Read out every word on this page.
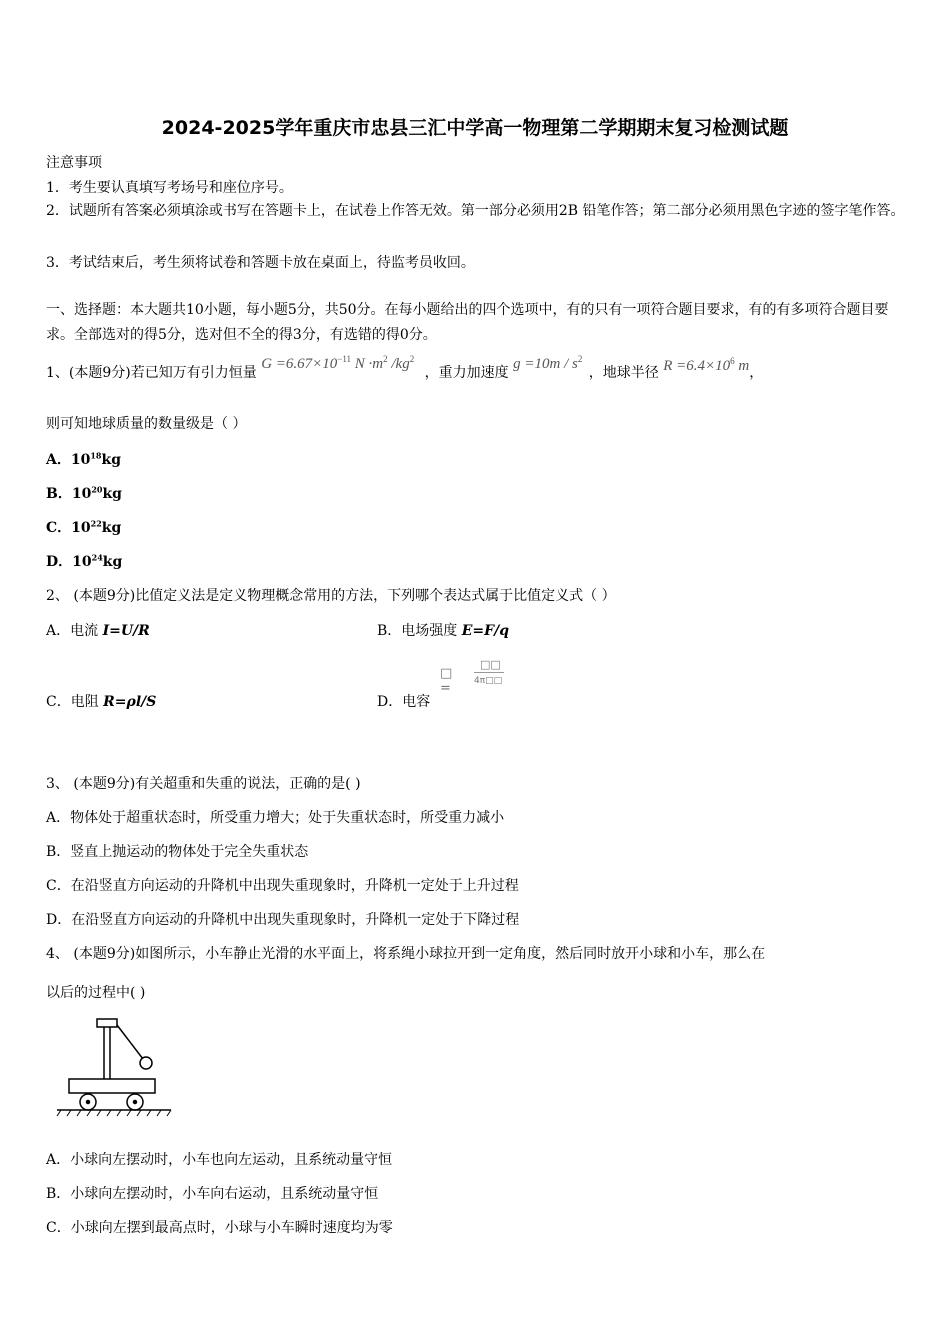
2024-2025学年重庆市忠县三汇中学高一物理第二学期期末复习检测试题
注意事项
1．考生要认真填写考场号和座位序号。
2．试题所有答案必须填涂或书写在答题卡上，在试卷上作答无效。第一部分必须用2B 铅笔作答；第二部分必须用黑色字迹的签字笔作答。
3．考试结束后，考生须将试卷和答题卡放在桌面上，待监考员收回。
一、选择题：本大题共10小题，每小题5分，共50分。在每小题给出的四个选项中，有的只有一项符合题目要求，有的有多项符合题目要求。全部选对的得5分，选对但不全的得3分，有选错的得0分。
1、(本题9分)若已知万有引力恒量 $G =6.67\times 10^{-11}$ $N \cdot m^2$ $/kg^2$ ，重力加速度 $g =10m / s^2$ ，地球半径 $R =6.4\times 10^6$ m，
则可知地球质量的数量级是（ ）
A．$10^{18}kg$
B．$10^{20}kg$
C．$10^{22}kg$
D．$10^{24}kg$
2、 (本题9分)比值定义法是定义物理概念常用的方法，下列哪个表达式属于比值定义式（ ）
A．电流 I=U/R	B．电场强度 E=F/q
□ =
□□
4π□□
C．电阻 R=ρl/S	D．电容
3、 (本题9分)有关超重和失重的说法，正确的是( )
A．物体处于超重状态时，所受重力增大；处于失重状态时，所受重力减小
B．竖直上抛运动的物体处于完全失重状态
C．在沿竖直方向运动的升降机中出现失重现象时，升降机一定处于上升过程
D．在沿竖直方向运动的升降机中出现失重现象时，升降机一定处于下降过程
4、 (本题9分)如图所示，小车静止光滑的水平面上，将系绳小球拉开到一定角度，然后同时放开小球和小车，那么在
以后的过程中( )
A．小球向左摆动时，小车也向左运动，且系统动量守恒
B．小球向左摆动时，小车向右运动，且系统动量守恒
C．小球向左摆到最高点时，小球与小车瞬时速度均为零
